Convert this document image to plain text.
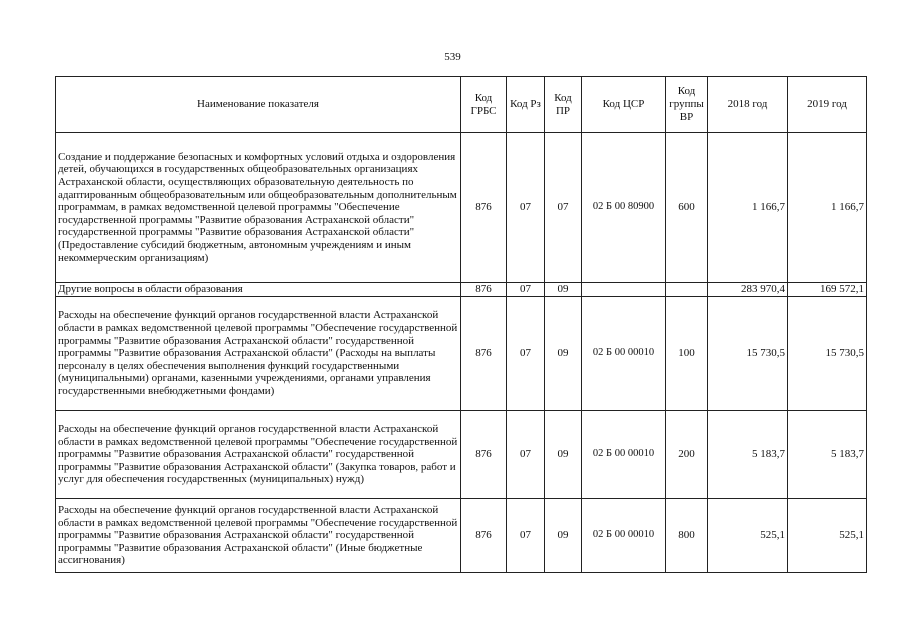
539
Наименование показателя	Код ГРБС	Код Рз	Код ПР	Код ЦСР	Код группы ВР	2018 год	2019 год
Создание и поддержание безопасных и комфортных условий отдыха и оздоровления детей, обучающихся в государственных общеобразовательных организациях Астраханской области, осуществляющих образовательную деятельность по адаптированным общеобразовательным или общеобразовательным дополнительным программам, в рамках ведомственной целевой программы "Обеспечение государственной программы "Развитие образования Астраханской области" государственной программы "Развитие образования Астраханской области" (Предоставление субсидий бюджетным, автономным учреждениям и иным некоммерческим организациям)	876	07	07	02 Б 00 80900	600	1 166,7	1 166,7
Другие вопросы в области образования	876	07	09			283 970,4	169 572,1
Расходы на обеспечение функций органов государственной власти Астраханской области в рамках ведомственной целевой программы "Обеспечение государственной программы "Развитие образования Астраханской области" государственной программы "Развитие образования Астраханской области" (Расходы на выплаты персоналу в целях обеспечения выполнения функций государственными (муниципальными) органами, казенными учреждениями, органами управления государственными внебюджетными фондами)	876	07	09	02 Б 00 00010	100	15 730,5	15 730,5
Расходы на обеспечение функций органов государственной власти Астраханской области в рамках ведомственной целевой программы "Обеспечение государственной программы "Развитие образования Астраханской области" государственной программы "Развитие образования Астраханской области" (Закупка товаров, работ и услуг для обеспечения государственных (муниципальных) нужд)	876	07	09	02 Б 00 00010	200	5 183,7	5 183,7
Расходы на обеспечение функций органов государственной власти Астраханской области в рамках ведомственной целевой программы "Обеспечение государственной программы "Развитие образования Астраханской области" государственной программы "Развитие образования Астраханской области" (Иные бюджетные ассигнования)	876	07	09	02 Б 00 00010	800	525,1	525,1
